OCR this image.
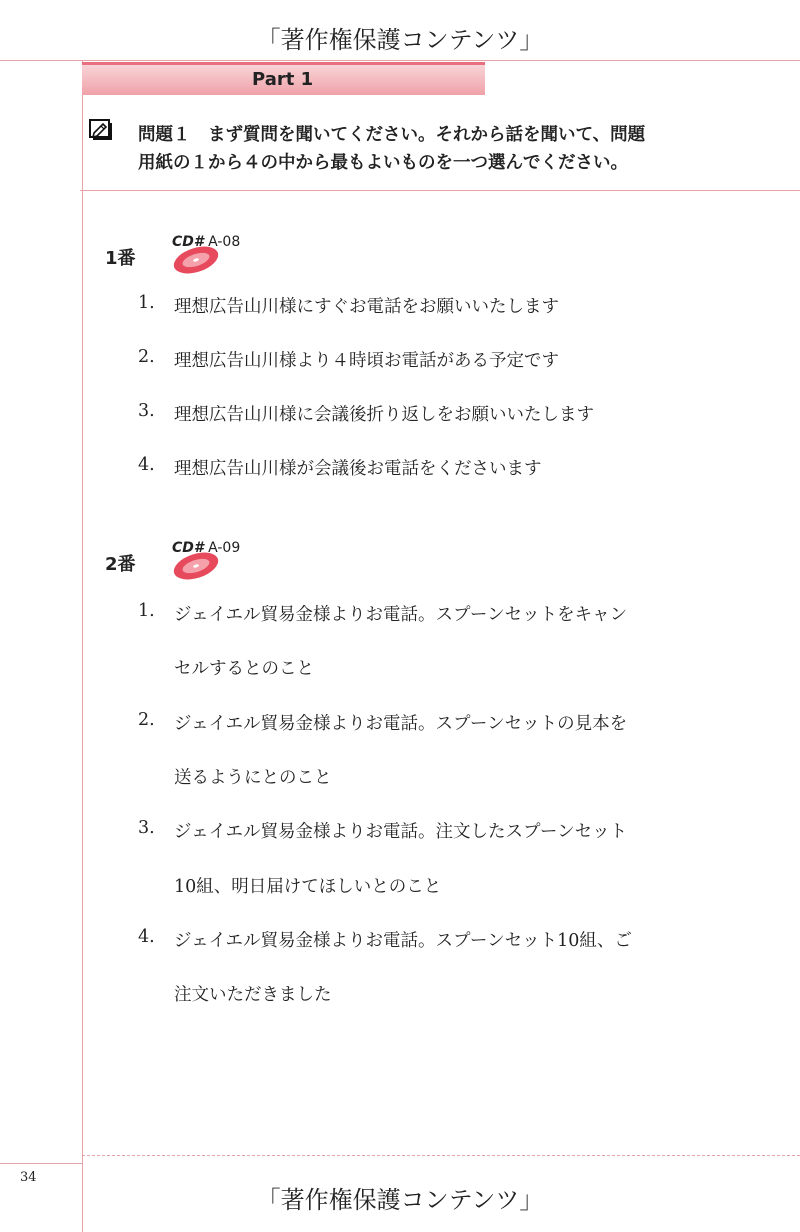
「著作権保護コンテンツ」
Part 1
問題１　まず質問を聞いてください。それから話を聞いて、問題
用紙の１から４の中から最もよいものを一つ選んでください。
1番
CD# A-08
1. 理想広告山川様にすぐお電話をお願いいたします
2. 理想広告山川様より４時頃お電話がある予定です
3. 理想広告山川様に会議後折り返しをお願いいたします
4. 理想広告山川様が会議後お電話をくださいます
2番
CD# A-09
1. ジェイエル貿易金様よりお電話。スプーンセットをキャン
セルするとのこと
2. ジェイエル貿易金様よりお電話。スプーンセットの見本を
送るようにとのこと
3. ジェイエル貿易金様よりお電話。注文したスプーンセット
10組、明日届けてほしいとのこと
4. ジェイエル貿易金様よりお電話。スプーンセット10組、ご
注文いただきました
34
「著作権保護コンテンツ」
